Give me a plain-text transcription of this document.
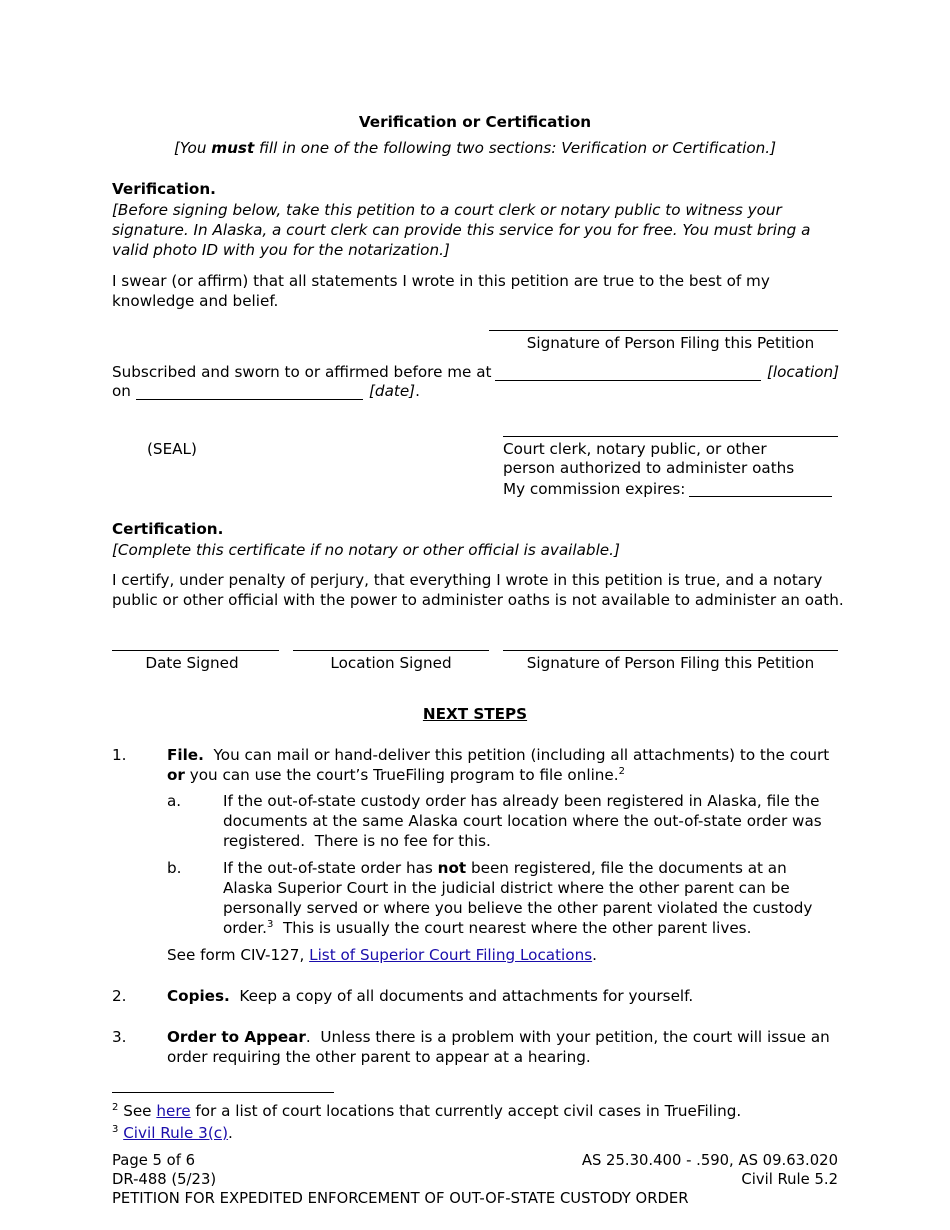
Verification or Certification
[You must fill in one of the following two sections: Verification or Certification.]
Verification.
[Before signing below, take this petition to a court clerk or notary public to witness your
signature. In Alaska, a court clerk can provide this service for you for free. You must bring a
valid photo ID with you for the notarization.]
I swear (or affirm) that all statements I wrote in this petition are true to the best of my
knowledge and belief.
Signature of Person Filing this Petition
Subscribed and sworn to or affirmed before me at	[location]
on	[date].
(SEAL)	Court clerk, notary public, or other
person authorized to administer oaths
My commission expires:
Certification.
[Complete this certificate if no notary or other official is available.]
I certify, under penalty of perjury, that everything I wrote in this petition is true, and a notary
public or other official with the power to administer oaths is not available to administer an oath.
Date Signed	Location Signed	Signature of Person Filing this Petition
NEXT STEPS
1.	File.  You can mail or hand-deliver this petition (including all attachments) to the court
or you can use the court’s TrueFiling program to file online.$^2$
a.	If the out-of-state custody order has already been registered in Alaska, file the
documents at the same Alaska court location where the out-of-state order was
registered.  There is no fee for this.
b.	If the out-of-state order has not been registered, file the documents at an
Alaska Superior Court in the judicial district where the other parent can be
personally served or where you believe the other parent violated the custody
order.$^3$  This is usually the court nearest where the other parent lives.
See form CIV-127, List of Superior Court Filing Locations.
2.	Copies.  Keep a copy of all documents and attachments for yourself.
3.	Order to Appear.  Unless there is a problem with your petition, the court will issue an
order requiring the other parent to appear at a hearing.
$^2$ See here for a list of court locations that currently accept civil cases in TrueFiling.
$^3$ Civil Rule 3(c).
Page 5 of 6
DR-488 (5/23)
PETITION FOR EXPEDITED ENFORCEMENT OF OUT-OF-STATE CUSTODY ORDER
AS 25.30.400 - .590, AS 09.63.020
Civil Rule 5.2
